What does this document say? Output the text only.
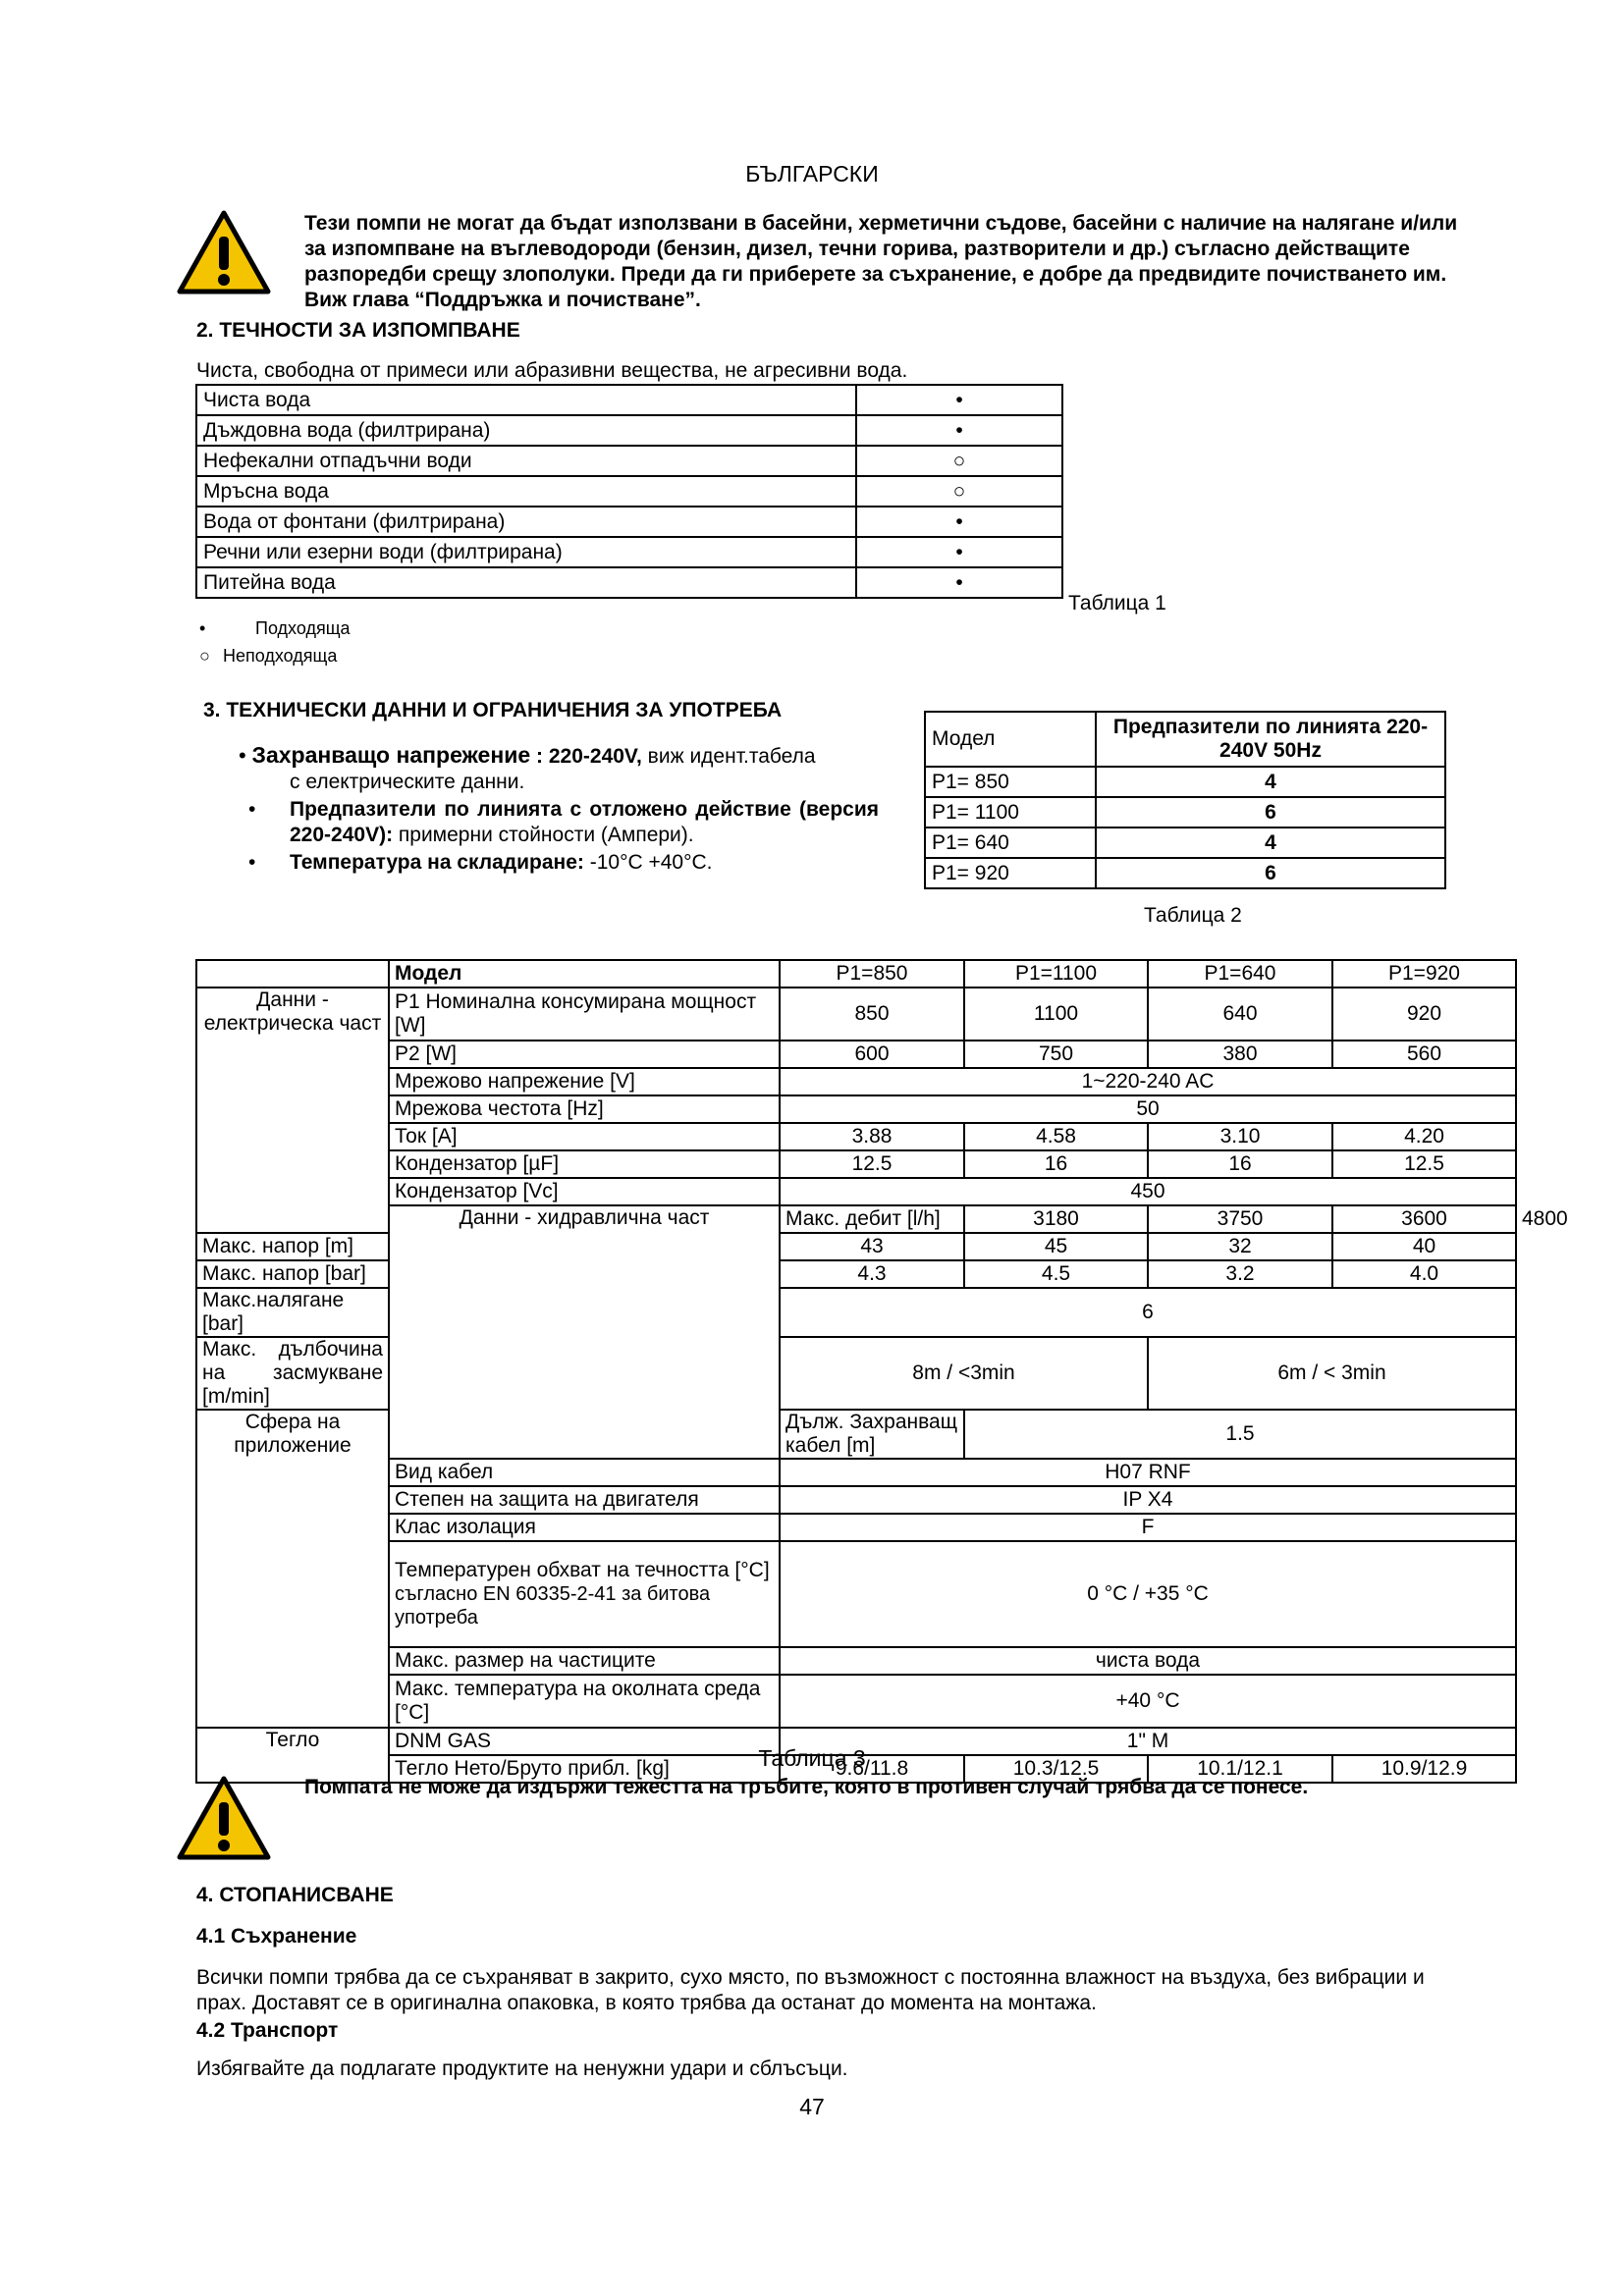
БЪЛГАРСКИ
Тези помпи не могат да бъдат използвани в басейни, херметични съдове, басейни с наличие на налягане и/или за изпомпване на въглеводороди (бензин, дизел, течни горива, разтворители и др.) съгласно действащите разпоредби срещу злополуки. Преди да ги приберете за съхранение, е добре да предвидите почистването им. Виж глава “Поддръжка и почистване”.
2. ТЕЧНОСТИ ЗА ИЗПОМПВАНЕ
Чиста, свободна от примеси или абразивни вещества, не агресивни вода.
Чиста вода	•
Дъждовна вода (филтрирана)	•
Нефекални отпадъчни води	○
Мръсна вода	○
Вода от фонтани (филтрирана)	•
Речни или езерни води (филтрирана)	•
Питейна вода	•
Таблица 1
•	Подходяща
○ Неподходяща
3. ТЕХНИЧЕСКИ ДАННИ И ОГРАНИЧЕНИЯ ЗА УПОТРЕБА
• Захранващо напрежение : 220-240V, виж идент.табела
с електрическите данни.
• Предпазители по линията с отложено действие (версия 220-240V): примерни стойности (Ампери).
• Температура на складиране: -10°C +40°C.
Модел	Предпазители по линията 220-240V 50Hz
P1= 850	4
P1= 1100	6
P1= 640	4
P1= 920	6
Таблица 2
	Модел	P1=850	P1=1100	P1=640	P1=920	
Данни - електрическа част	P1 Номинална консумирана мощност [W]	850	1100	640	920	
	P2 [W]	600	750	380	560	
	Мрежово напрежение [V]	1~220-240 AC				
	Мрежова честота [Hz]	50				
	Ток [A]	3.88	4.58	3.10	4.20	
	Кондензатор [µF]	12.5	16	16	12.5	
	Кондензатор [Vc]	450				
	Данни - хидравлична част	Макс. дебит [l/h]	3180	3750	3600	4800
Макс. напор [m]		43	45	32	40	
Макс. напор [bar]		4.3	4.5	3.2	4.0	
Макс.налягане [bar]		6				
Макс. дълбочина на засмукване [m/min]		8m / <3min		6m / < 3min		
Сфера на приложение		Дълж. Захранващ кабел [m]	1.5			
	Вид кабел	H07 RNF				
	Степен на защита на двигателя	IP X4				
	Клас изолация	F				

	Температурен обхват на течността [°C]
съгласно EN 60335-2-41 за битова употреба	0 °C / +35 °C				
	Макс. размер на частиците	чиста вода				
	Макс. температура на околната среда [°C]	+40 °C				
Тегло	DNM GAS	1" M				
	Тегло Нето/Бруто прибл. [kg]	9.6/11.8	10.3/12.5	10.1/12.1	10.9/12.9	
Таблица 3
Помпата не може да издържи тежестта на тръбите, която в противен случай трябва да се понесе.
4. СТОПАНИСВАНЕ
4.1 Съхранение
Всички помпи трябва да се съхраняват в закрито, сухо място, по възможност с постоянна влажност на въздуха, без вибрации и прах. Доставят се в оригинална опаковка, в която трябва да останат до момента на монтажа.
4.2 Транспорт
Избягвайте да подлагате продуктите на ненужни удари и сблъсъци.
47
